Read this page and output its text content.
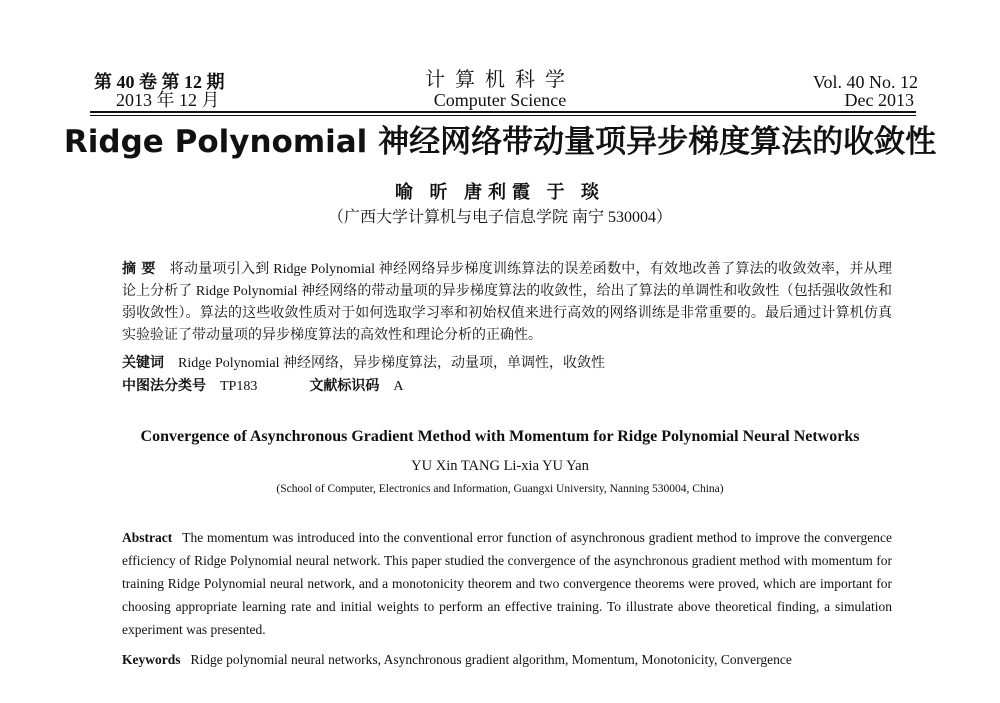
第 40 卷 第 12 期
2013 年 12 月
计算机科学
Computer Science
Vol. 40 No. 12
Dec 2013
Ridge Polynomial 神经网络带动量项异步梯度算法的收敛性
喻 昕 唐利霞 于 琰
（广西大学计算机与电子信息学院 南宁 530004）
摘 要 将动量项引入到 Ridge Polynomial 神经网络异步梯度训练算法的误差函数中，有效地改善了算法的收敛效率，并从理论上分析了 Ridge Polynomial 神经网络的带动量项的异步梯度算法的收敛性，给出了算法的单调性和收敛性（包括强收敛性和弱收敛性）。算法的这些收敛性质对于如何选取学习率和初始权值来进行高效的网络训练是非常重要的。最后通过计算机仿真实验验证了带动量项的异步梯度算法的高效性和理论分析的正确性。
关键词 Ridge Polynomial 神经网络，异步梯度算法，动量项，单调性，收敛性
中图法分类号 TP183	文献标识码 A
Convergence of Asynchronous Gradient Method with Momentum for Ridge Polynomial Neural Networks
YU Xin TANG Li-xia YU Yan
(School of Computer, Electronics and Information, Guangxi University, Nanning 530004, China)
Abstract The momentum was introduced into the conventional error function of asynchronous gradient method to improve the convergence efficiency of Ridge Polynomial neural network. This paper studied the convergence of the asynchronous gradient method with momentum for training Ridge Polynomial neural network, and a monotonicity theorem and two convergence theorems were proved, which are important for choosing appropriate learning rate and initial weights to perform an effective training. To illustrate above theoretical finding, a simulation experiment was presented.
Keywords Ridge polynomial neural networks, Asynchronous gradient algorithm, Momentum, Monotonicity, Convergence
